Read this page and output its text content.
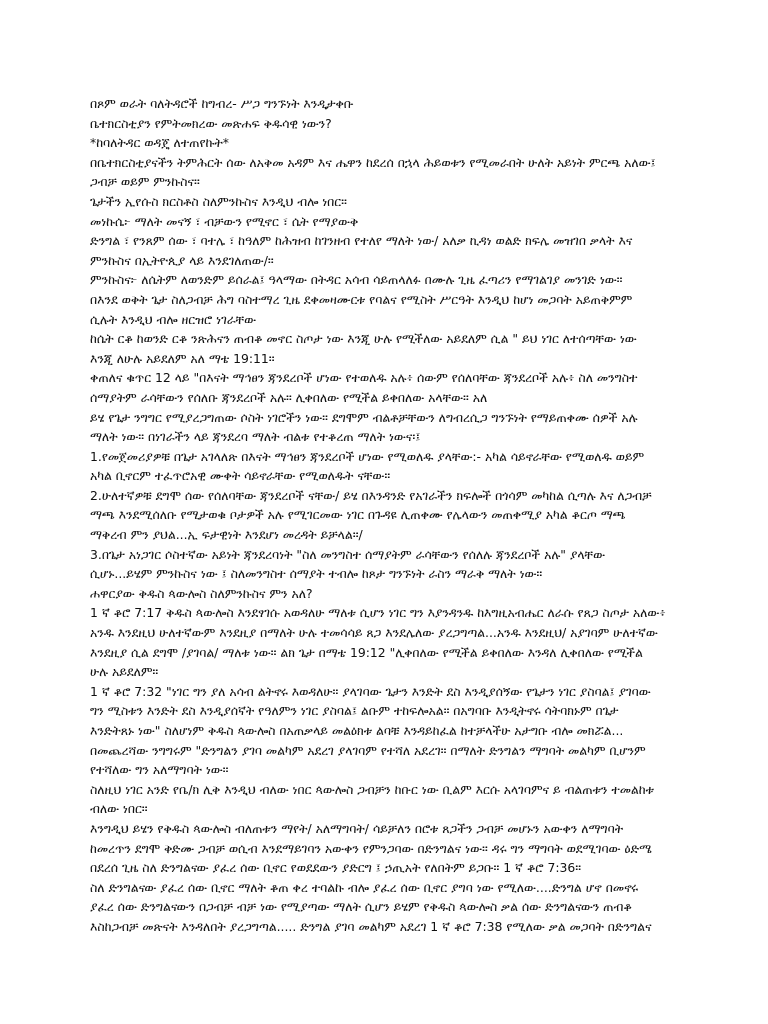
በጾም ወራት ባለትዳሮች ከግብረ- ሥጋ ግንኙነት እንዲታቀቡ
ቤተክርስቲያን የምትመክረው መጽሐፍ ቅዱሳዊ ነውን?
*ከባለትዳር ወዳጄ ለተጠየኩት*
በቤተክርስቲያናችን ትምሕርት ሰው ለአቅመ አዳም እና ሔዋን ከደረሰ በኋላ ሕይወቱን የሚመራበት ሁለት አይነት ምርጫ አለው፤
ጋብቻ ወይም ምንኩስና።
ጌታችን ኢየሱስ ክርስቶስ ስለምንኩስና እንዲህ ብሎ ነበር።
መነኩሴ፦ ማለት መናኝ ፣ ብቻውን የሚኖር ፣ ሴት የማያውቅ
ድንግል ፣ የንጸም ሰው ፣ ባተሌ ፣ ከዓለም ከሕዝብ ከገንዘብ የተለየ ማለት ነው/ አለቃ ኪዳነ ወልድ ክፍሌ መዝገበ ቃላት እና
ምንኩስና በኢትዮጲያ ላይ እንደገለጠው/።
ምንኩስና፦ ለሴትም ለወንድም ይሰራል፤ ዓላማው በትዳር አሳብ ሳይጠላለፉ በሙሉ ጊዜ ፈጣሪን የማገልገያ መንገድ ነው።
በእንደ ወቅት ጌታ ስለጋብቻ ሕግ ባስተማረ ጊዜ ደቀመዛሙርቱ የባልና የሚስት ሥርዓት እንዲህ ከሆነ መጋባት አይጠቅምም
ሲሉት እንዲህ ብሎ ዘርዝሮ ነገራቸው
ከሴት ርቆ ከወንድ ርቆ ንጽሕናን ጠብቆ መኖር ስጦታ ነው እንጂ ሁሉ የሚችለው አይደለም ሲል " ይህ ነገር ለተሰጣቸው ነው
እንጂ ለሁሉ አይደለም አለ ማቴ 19:11።
ቀጠለና ቁጥር 12 ላይ "በእናት ማኅፀን ጃንደረቦች ሆነው የተወለዱ አሉ፥ ሰውም የሰለባቸው ጃንደረቦች አሉ፥ ስለ መንግስተ
ሰማያትም ራሳቸውን የሰለቡ ጃንደረቦች አሉ። ሊቀበለው የሚችል ይቀበለው አላቸው። አለ
ይሄ የጌታ ንግግር የሚያረጋግጠው ሶስት ነገሮችን ነው። ደግሞም ብልቶቻቸውን ለግብረሲጋ ግንኙነት የማይጠቀሙ ሰዎች አሉ
ማለት ነው። በነገራችን ላይ ጃንደረባ ማለት ብልቱ የተቆረጠ ማለት ነውና፡፤
1.የመጀመሪያዎቹ በጌታ አገላለጽ በእናት ማኅፀን ጃንደረቦች ሆነው የሚወለዱ ያላቸው:- አካል ሳይኖራቸው የሚወለዱ ወይም
አካል ቢኖርም ተፈጥሮአዊ ሙቀት ሳይኖራቸው የሚወለዱት ናቸው።
2.ሁለተኛዎቹ ደግሞ ሰው የሰለባቸው ጃንደረቦች ናቸው/ ይሄ በእንዳንድ የአገራችን ክፍሎች በጎሳም መካከል ሲጣሉ እና ለጋብቻ
ማጫ እንደሚሰለቡ የሚታወቁ ቦታዎች አሉ የሚገርመው ነገር በጉዳዩ ሊጠቀሙ የሌላውን መጠቀሚያ አካል ቆርጦ ማጫ
ማቅረብ ምን ያህል...ኢ ፍታዊነት እንደሆነ መረዳት ይቻላል።/
3.በጌታ አነጋገር ሶስተኛው አይነት ጃንደረባነት "ስለ መንግስተ ሰማያትም ራሳቸውን የሰለሉ ጃንደረቦች አሉ" ያላቸው
ሲሆኑ...ይሄም ምንኩስና ነው ፤ ስለመንግስተ ሰማያት ተብሎ ከጾታ ግንኙነት ራስን ማራቅ ማለት ነው።
ሐዋርያው ቅዱስ ጳውሎስ ስለምንኩስና ምን አለ?
1 ኛ ቆሮ 7:17 ቅዱስ ጳውሎስ እንደፃገሱ አወዳለሁ ማለቱ ሲሆን ነገር ግን እያንዳንዱ ከእግዚአብሔር ለራሱ የጸጋ ስጦታ አለው፥
አንዱ እንደዚህ ሁለተኛውም እንደዚያ በማለት ሁሉ ተመሳሳይ ጸጋ እንደሌለው ያረጋግጣል...አንዱ እንደዚህ/ አያገባም ሁለተኛው
እንደዚያ ሲል ደግሞ /ያገባል/ ማለቱ ነው። ልክ ጌታ በማቴ 19:12 "ሊቀበለው የሚችል ይቀበለው እንዳለ ሊቀበለው የሚችል
ሁሉ አይደለም።
1 ኛ ቆሮ 7:32 "ነገር ግን ያለ አሳብ ልትኖሩ እወዳለሁ። ያላገባው ጌታን እንድት ደስ እንዲያሰኝው የጌታን ነገር ያስባል፤ ያገባው
ግን ሚስቱን እንድት ደስ እንዲያሰኛት የዓለምን ነገር ያስባል፤ ልቡም ተከፍሎአል። በአግባቡ እንዲትኖሩ ሳትባክኑም በጌታ
እንድትጸኑ ነው" ስለሆነም ቅዱስ ጳውሎስ በአጠቃላይ መልዕክቱ ልባቹ እንዳይከፈል ከተቻላችሁ አታግቡ ብሎ መክሯል...
በመጨረሻው ንግግሩም "ድንግልን ያገባ መልካም አደረገ ያላገባም የተሻለ አደረገ። በማለት ድንግልን ማግባት መልካም ቢሆንም
የተሻለው ግን አለማግባት ነው።
ስለዚህ ነገር አንድ የቤ/ክ ሊቅ እንዲህ ብለው ነበር ጳውሎስ ጋብቻን ከቡር ነው ቢልም እርሱ አላገባምና ይ ብልጠቱን ተመልከቱ
ብለው ነበር።
እንግዲህ ይሄን የቅዱስ ጳውሎስ ብለጠቱን ማየት/ አለማግባት/ ሳይቻለን በሮቱ ጸጋችን ጋብቻ መሆኑን አውቀን ለማግባት
ከመረጥን ደግሞ ቅድሙ ጋብቻ ወሲብ እንደማይገባን አውቀን የምንጋባው በድንግልና ነው። ዳሩ ግን ማግባት ወደሚገባው ዕድሜ
በደረሰ ጊዜ ስለ ድንግልናው ያፈረ ሰው ቢኖር የወደደውን ያድርግ ፤ ኃጢአት የለበትም ይጋቡ። 1 ኛ ቆሮ 7:36።
ስለ ድንግልናው ያፈረ ሰው ቢኖር ማለት ቆጠ ቀረ ተባልኩ ብሎ ያፈረ ሰው ቢኖር ያግባ ነው የሚለው....ድንግል ሆኖ በመኖሩ
ያፈረ ሰው ድንግልናውን በጋብቻ ብቻ ነው የሚያጣው ማለት ሲሆን ይሄም የቅዱስ ጳውሎስ ቃል ሰው ድንግልናውን ጠብቆ
እስከጋብቻ መጽናት እንዳለበት ያረጋግጣል..... ድንግል ያገባ መልካም አደረገ 1 ኛ ቆሮ 7:38 የሚለው ቃል መጋባት በድንግልና
